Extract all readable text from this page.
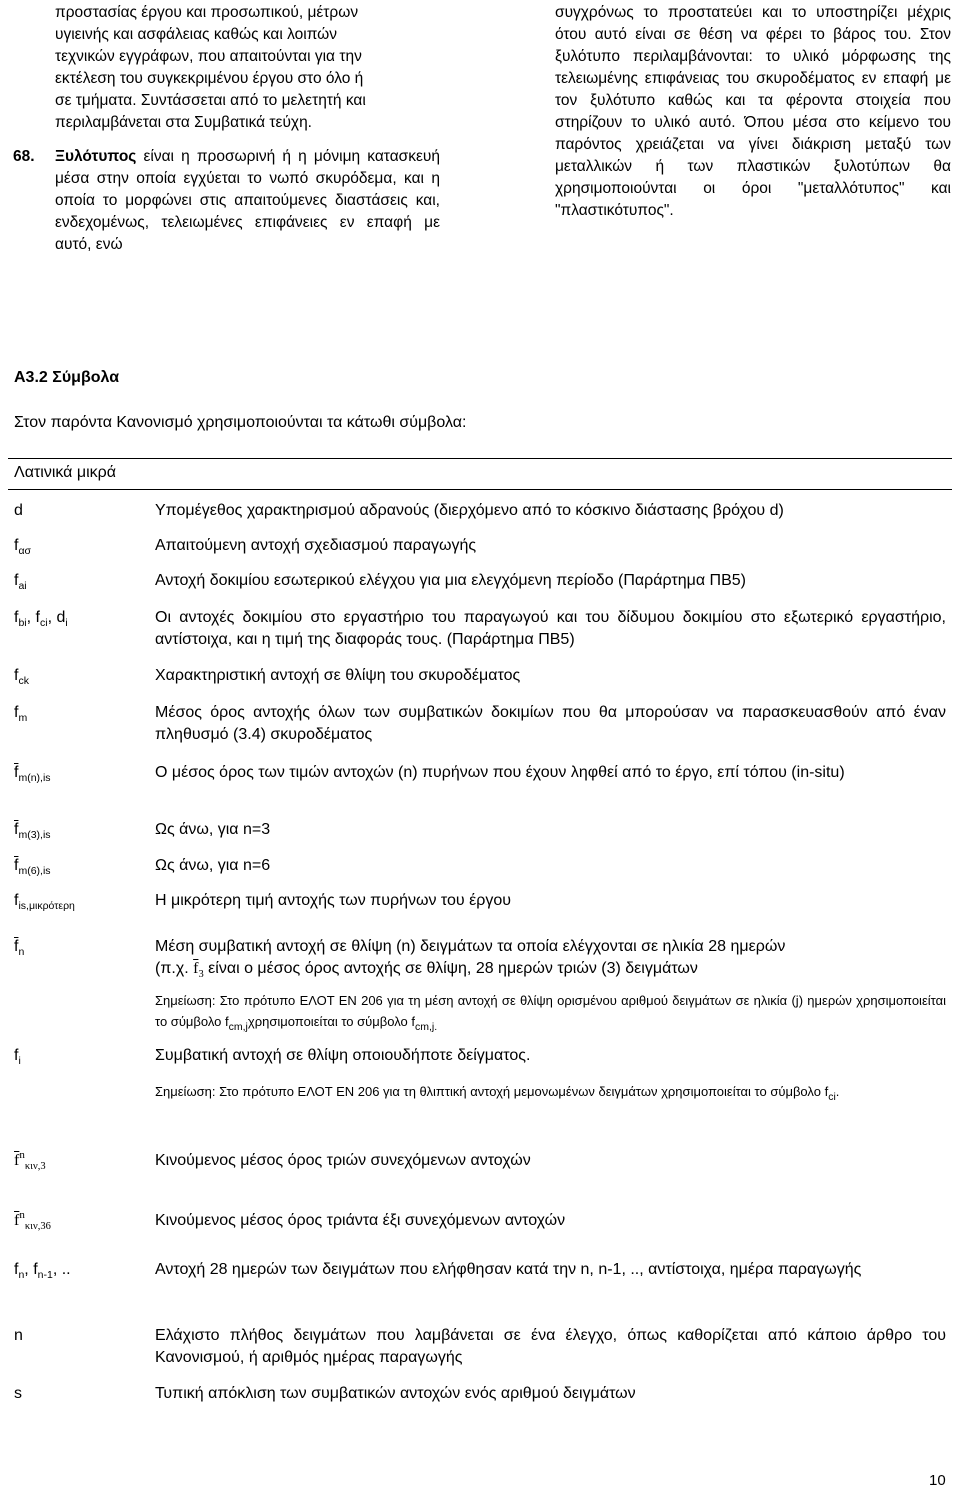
προστασίας έργου και προσωπικού, μέτρων
υγιεινής και ασφάλειας καθώς και λοιπών
τεχνικών εγγράφων, που απαιτούνται για την
εκτέλεση του συγκεκριμένου έργου στο όλο ή
σε τμήματα. Συντάσσεται από το μελετητή και
περιλαμβάνεται στα Συμβατικά τεύχη.
68. Ξυλότυπος είναι η προσωρινή ή η μόνιμη κατασκευή μέσα στην οποία εγχύεται το νωπό σκυρόδεμα, και η οποία το μορφώνει στις απαιτούμενες διαστάσεις και, ενδεχομένως, τελειωμένες επιφάνειες εν επαφή με αυτό, ενώ
συγχρόνως το προστατεύει και το υποστηρίζει μέχρις ότου αυτό είναι σε θέση να φέρει το βάρος του. Στον ξυλότυπο περιλαμβάνονται: το υλικό μόρφωσης της τελειωμένης επιφάνειας του σκυροδέματος εν επαφή με τον ξυλότυπο καθώς και τα φέροντα στοιχεία που στηρίζουν το υλικό αυτό. Όπου μέσα στο κείμενο του παρόντος χρειάζεται να γίνει διάκριση μεταξύ των μεταλλικών ή των πλαστικών ξυλοτύπων θα χρησιμοποιούνται οι όροι "μεταλλότυπος" και "πλαστικότυπος".
Α3.2 Σύμβολα
Στον παρόντα Κανονισμό χρησιμοποιούνται τα κάτωθι σύμβολα:
Λατινικά μικρά
d	Υπομέγεθος χαρακτηρισμού αδρανούς (διερχόμενο από το κόσκινο διάστασης βρόχου d)
$f_{\alpha\sigma}$	Απαιτούμενη αντοχή σχεδιασμού παραγωγής
$f_{ai}$	Αντοχή δοκιμίου εσωτερικού ελέγχου για μια ελεγχόμενη περίοδο (Παράρτημα ΠΒ5)
$f_{bi}$, $f_{ci}$, $d_i$	Οι αντοχές δοκιμίου στο εργαστήριο του παραγωγού και του δίδυμου δοκιμίου στο εξωτερικό εργαστήριο, αντίστοιχα, και η τιμή της διαφοράς τους. (Παράρτημα ΠΒ5)
$f_{ck}$	Χαρακτηριστική αντοχή σε θλίψη του σκυροδέματος
$f_m$	Μέσος όρος αντοχής όλων των συμβατικών δοκιμίων που θα μπορούσαν να παρασκευασθούν από έναν πληθυσμό (3.4) σκυροδέματος
$\overline{f}_{m(n),is}$	Ο μέσος όρος των τιμών αντοχών (n) πυρήνων που έχουν ληφθεί από το έργο, επί τόπου (in-situ)
$\overline{f}_{m(3),is}$	Ως άνω, για n=3
$\overline{f}_{m(6),is}$	Ως άνω, για n=6
$f_{is,\mu\iota\kappa\rho ό\tau\varepsilon\rho\eta}$	Η μικρότερη τιμή αντοχής των πυρήνων του έργου
$\overline{f}_n$	Μέση συμβατική αντοχή σε θλίψη (n) δειγμάτων τα οποία ελέγχονται σε ηλικία 28 ημερών
(π.χ. $\overline{f}_3$ είναι ο μέσος όρος αντοχής σε θλίψη, 28 ημερών τριών (3) δειγμάτων
Σημείωση: Στο πρότυπο ΕΛΟΤ ΕΝ 206 για τη μέση αντοχή σε θλίψη ορισμένου αριθμού δειγμάτων σε ηλικία (j) ημερών χρησιμοποιείται το σύμβολο $f_{cm,j}\chi\rho\eta\sigma\iota\mu o\pi o\iota\varepsilon ί\tau\alpha\iota$ το σύμβολο $f_{cm,j.}$
$f_i$	Συμβατική αντοχή σε θλίψη οποιουδήποτε δείγματος.
Σημείωση: Στο πρότυπο ΕΛΟΤ ΕΝ 206 για τη θλιπτική αντοχή μεμονωμένων δειγμάτων χρησιμοποιείται το σύμβολο $f_{ci}$.
$\overline{f}^n_{\kappa\iota\nu,3}$	Κινούμενος μέσος όρος τριών συνεχόμενων αντοχών
$\overline{f}^n_{\kappa\iota\nu,36}$	Κινούμενος μέσος όρος τριάντα έξι συνεχόμενων αντοχών
$f_n$, $f_{n-1}$, ..	Αντοχή 28 ημερών των δειγμάτων που ελήφθησαν κατά την n, n-1, .., αντίστοιχα, ημέρα παραγωγής
n	Ελάχιστο πλήθος δειγμάτων που λαμβάνεται σε ένα έλεγχο, όπως καθορίζεται από κάποιο άρθρο του Κανονισμού, ή αριθμός ημέρας παραγωγής
s	Τυπική απόκλιση των συμβατικών αντοχών ενός αριθμού δειγμάτων
10
